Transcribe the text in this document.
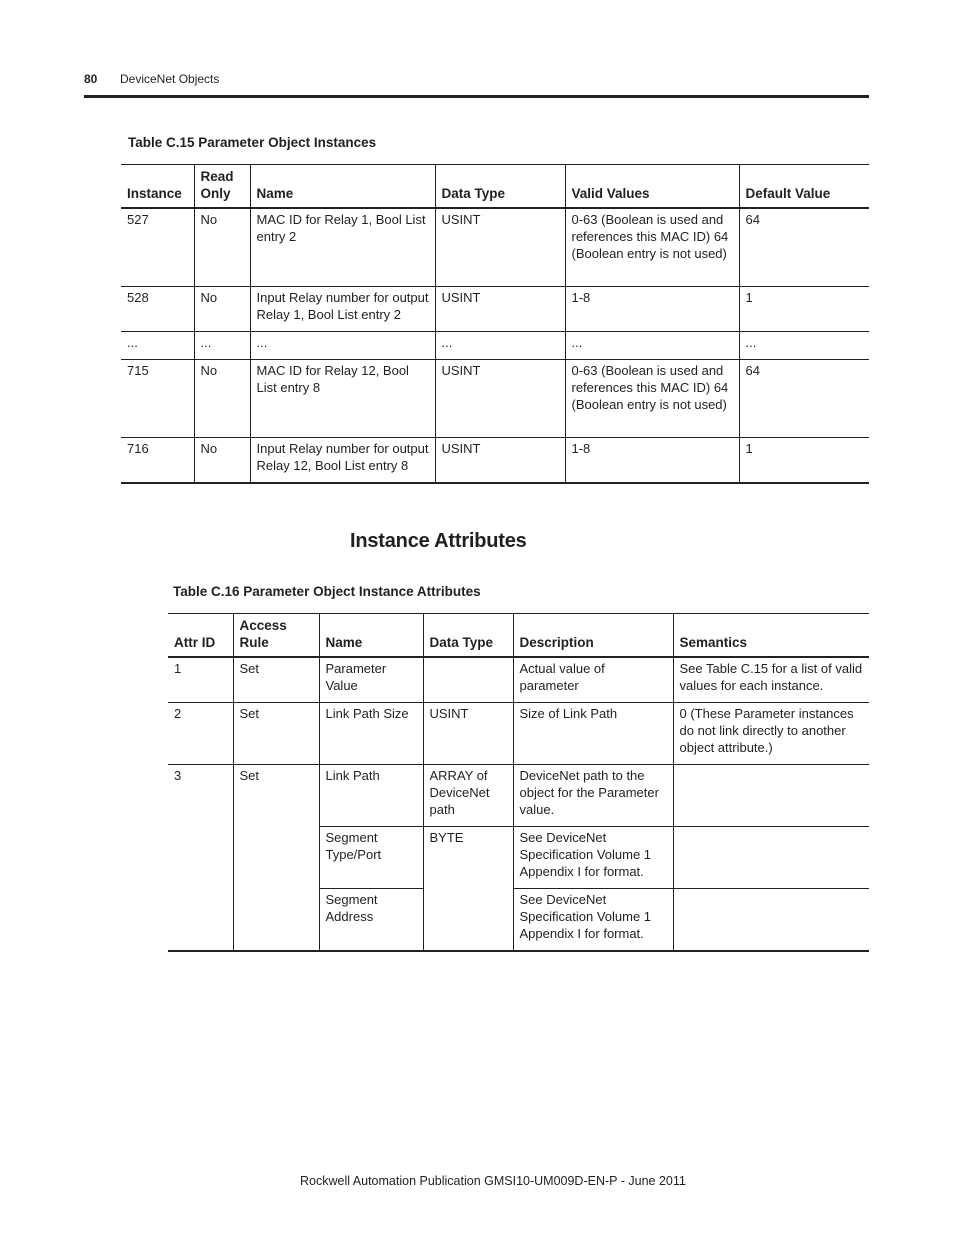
80 DeviceNet Objects
Table C.15 Parameter Object Instances
Instance	Read Only	Name	Data Type	Valid Values	Default Value
527	No	MAC ID for Relay 1, Bool List entry 2	USINT	0-63 (Boolean is used and references this MAC ID) 64 (Boolean entry is not used)	64
528	No	Input Relay number for output Relay 1, Bool List entry 2	USINT	1-8	1
...	...	...	...	...	...
715	No	MAC ID for Relay 12, Bool List entry 8	USINT	0-63 (Boolean is used and references this MAC ID) 64 (Boolean entry is not used)	64
716	No	Input Relay number for output Relay 12, Bool List entry 8	USINT	1-8	1
Instance Attributes
Table C.16 Parameter Object Instance Attributes
Attr ID	Access Rule	Name	Data Type	Description	Semantics
1	Set	Parameter Value		Actual value of parameter	See Table C.15 for a list of valid values for each instance.
2	Set	Link Path Size	USINT	Size of Link Path	0 (These Parameter instances do not link directly to another object attribute.)
3	Set	Link Path	ARRAY of DeviceNet path	DeviceNet path to the object for the Parameter value.	
		Segment Type/Port	BYTE	See DeviceNet Specification Volume 1 Appendix I for format.	
		Segment Address		See DeviceNet Specification Volume 1 Appendix I for format.	
Rockwell Automation Publication GMSI10-UM009D-EN-P - June 2011
